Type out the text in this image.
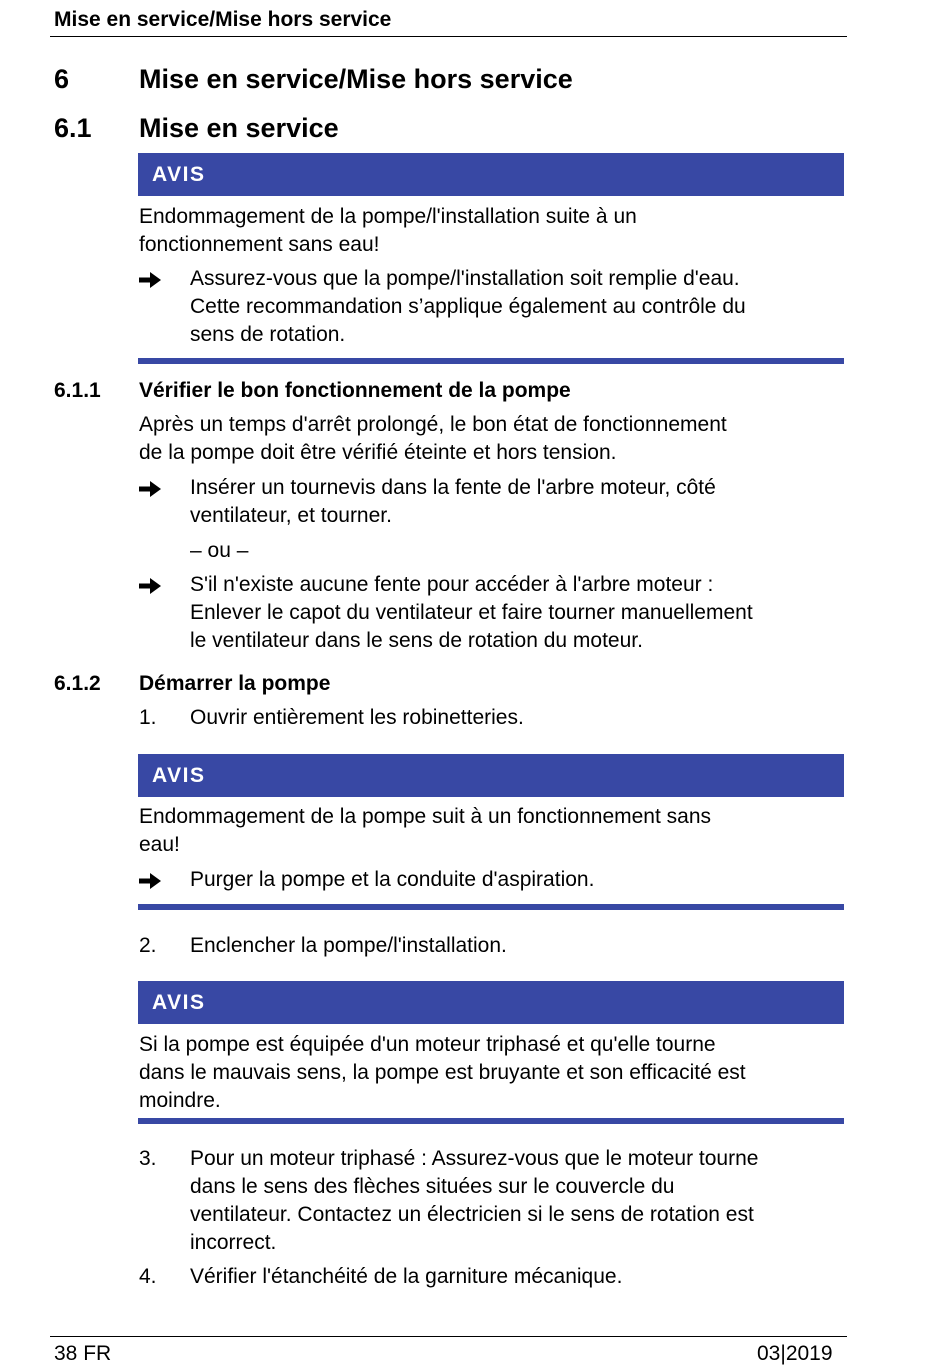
Mise en service/Mise hors service
6	Mise en service/Mise hors service
6.1 Mise en service
AVIS
Endommagement de la pompe/l'installation suite à un
fonctionnement sans eau!
Assurez-vous que la pompe/l'installation soit remplie d'eau.
Cette recommandation s’applique également au contrôle du
sens de rotation.
6.1.1 Vérifier le bon fonctionnement de la pompe
Après un temps d'arrêt prolongé, le bon état de fonctionnement
de la pompe doit être vérifié éteinte et hors tension.
Insérer un tournevis dans la fente de l'arbre moteur, côté
ventilateur, et tourner.
– ou –
S'il n'existe aucune fente pour accéder à l'arbre moteur :
Enlever le capot du ventilateur et faire tourner manuellement
le ventilateur dans le sens de rotation du moteur.
6.1.2 Démarrer la pompe
1. Ouvrir entièrement les robinetteries.
AVIS
Endommagement de la pompe suit à un fonctionnement sans
eau!
Purger la pompe et la conduite d'aspiration.
2. Enclencher la pompe/l'installation.
AVIS
Si la pompe est équipée d'un moteur triphasé et qu'elle tourne
dans le mauvais sens, la pompe est bruyante et son efficacité est
moindre.
3. Pour un moteur triphasé : Assurez-vous que le moteur tourne
dans le sens des flèches situées sur le couvercle du
ventilateur. Contactez un électricien si le sens de rotation est
incorrect.
4. Vérifier l'étanchéité de la garniture mécanique.
38 FR	03|2019
